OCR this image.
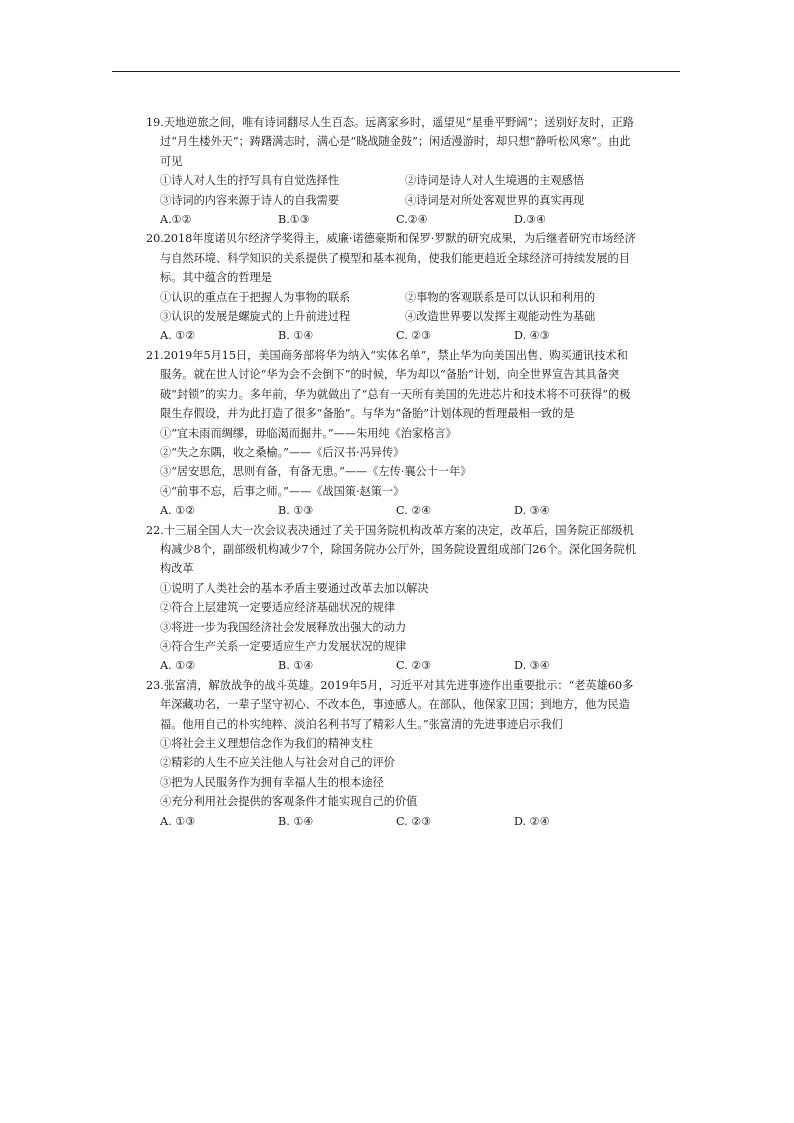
19.天地逆旅之间，唯有诗词翻尽人生百态。远离家乡时，遥望见“星垂平野阔”；送别好友时，正路过“月生楼外天”；踌躇满志时，满心是“晓战随金鼓”；闲适漫游时，却只想“静听松风寒”。由此可见

①诗人对人生的抒写具有自觉选择性	②诗词是诗人对人生境遇的主观感悟
③诗词的内容来源于诗人的自我需要	④诗词是对所处客观世界的真实再现
A.①②	B.①③	C.②④	D.③④

20.2018年度诺贝尔经济学奖得主，威廉·诺德豪斯和保罗·罗默的研究成果，为后继者研究市场经济与自然环境、科学知识的关系提供了模型和基本视角，使我们能更趋近全球经济可持续发展的目标。其中蕴含的哲理是

①认识的重点在于把握人为事物的联系	②事物的客观联系是可以认识和利用的
③认识的发展是螺旋式的上升前进过程	④改造世界要以发挥主观能动性为基础
A. ①②	B. ①④	C. ②③	D. ④③

21.2019年5月15日，美国商务部将华为纳入“实体名单”，禁止华为向美国出售、购买通讯技术和服务。就在世人讨论“华为会不会倒下”的时候，华为却以“备胎”计划，向全世界宣告其具备突破“封锁”的实力。多年前，华为就做出了“总有一天所有美国的先进芯片和技术将不可获得”的极限生存假设，并为此打造了很多“备胎”。与华为“备胎”计划体现的哲理最相一致的是

①“宜未雨而绸缪，毋临渴而掘井。”——朱用纯《治家格言》
②“失之东隅，收之桑榆。”——《后汉书·冯异传》
③“居安思危，思则有备，有备无患。”——《左传·襄公十一年》
④“前事不忘，后事之师。”——《战国策·赵策一》
A. ①②	B. ①③	C. ②④	D. ③④

22.十三届全国人大一次会议表决通过了关于国务院机构改革方案的决定，改革后，国务院正部级机构减少8个，副部级机构减少7个，除国务院办公厅外，国务院设置组成部门26个。深化国务院机构改革

①说明了人类社会的基本矛盾主要通过改革去加以解决
②符合上层建筑一定要适应经济基础状况的规律
③将进一步为我国经济社会发展释放出强大的动力
④符合生产关系一定要适应生产力发展状况的规律
A. ①②	B. ①④	C. ②③	D. ③④

23.张富清，解放战争的战斗英雄。2019年5月，习近平对其先进事迹作出重要批示：“老英雄60多年深藏功名，一辈子坚守初心、不改本色，事迹感人。在部队，他保家卫国；到地方，他为民造福。他用自己的朴实纯粹、淡泊名利书写了精彩人生。”张富清的先进事迹启示我们

①将社会主义理想信念作为我们的精神支柱
②精彩的人生不应关注他人与社会对自己的评价
③把为人民服务作为拥有幸福人生的根本途径
④充分利用社会提供的客观条件才能实现自己的价值
A. ①③	B. ①④	C. ②③	D. ②④
